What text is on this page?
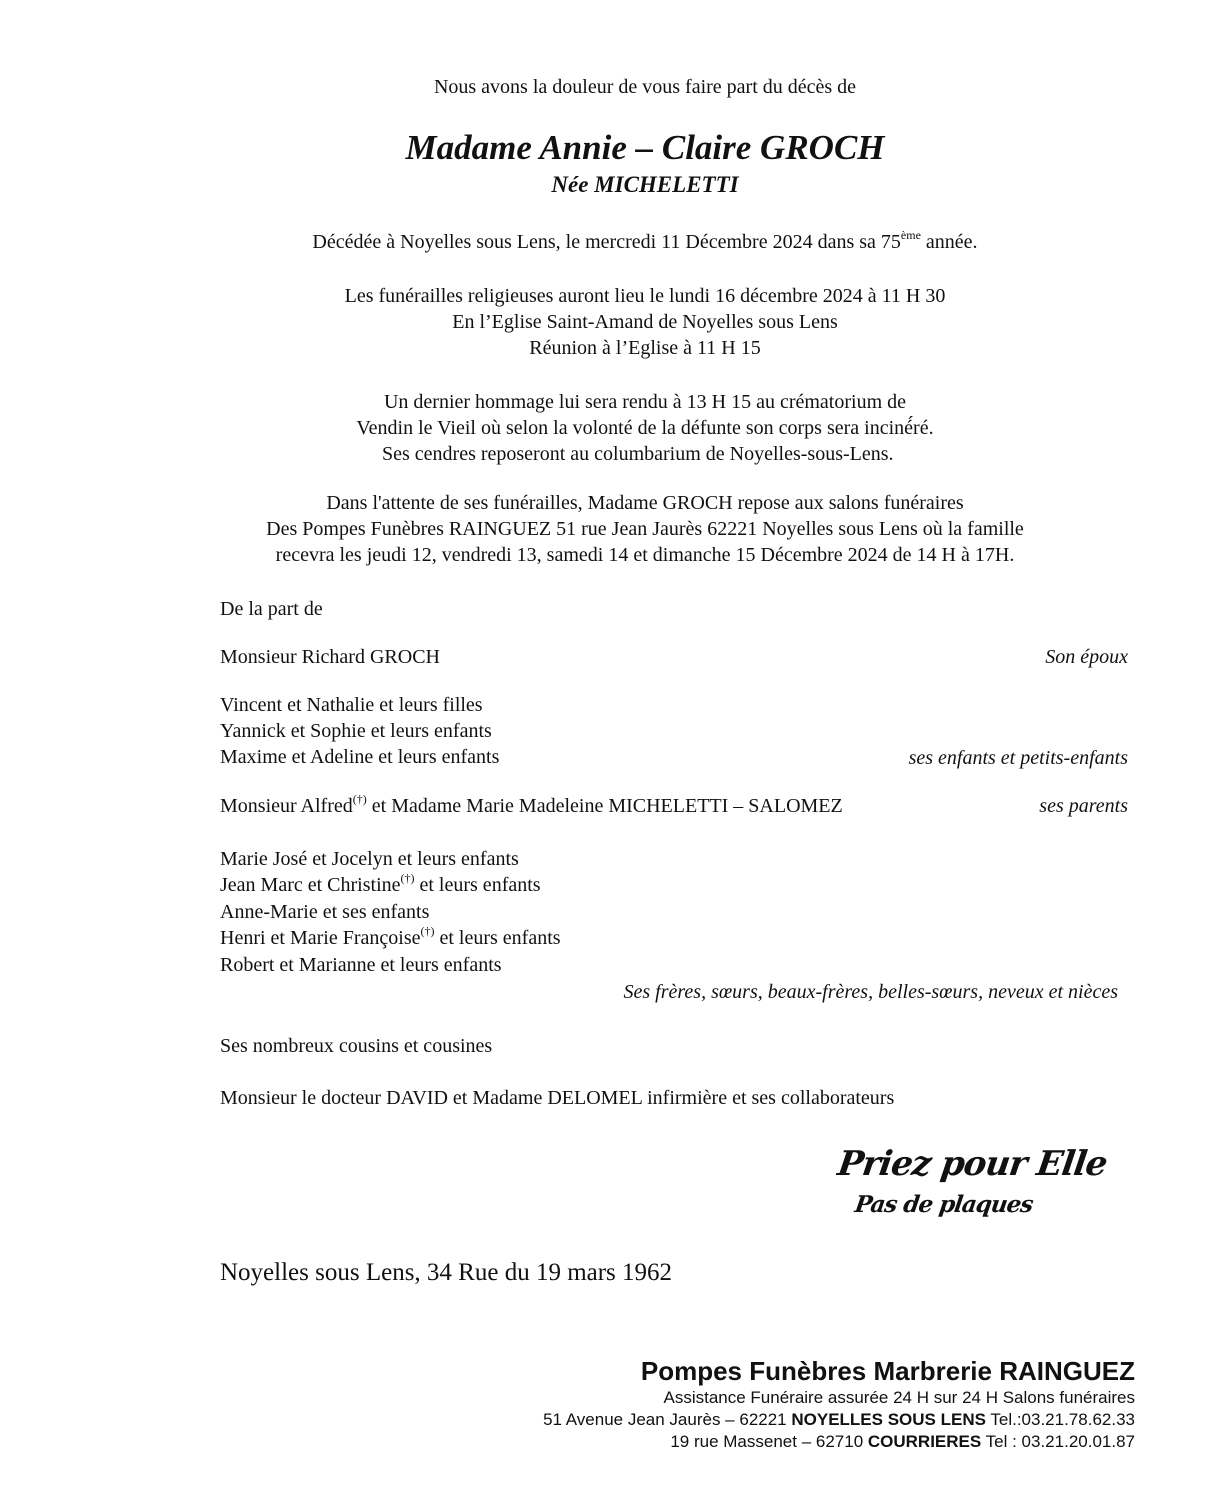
Nous avons la douleur de vous faire part du décès de
Madame Annie – Claire GROCH
Née MICHELETTI
Décédée à Noyelles sous Lens, le mercredi 11 Décembre 2024 dans sa 75ème année.
Les funérailles religieuses auront lieu le lundi 16 décembre 2024 à 11 H 30
En l’Eglise Saint-Amand de Noyelles sous Lens
Réunion à l’Eglise à 11 H 15
Un dernier hommage lui sera rendu à 13 H 15 au crématorium de
Vendin le Vieil où selon la volonté de la défunte son corps sera inciné́ré.
Ses cendres reposeront au columbarium de Noyelles-sous-Lens.
Dans l'attente de ses funérailles, Madame GROCH repose aux salons funéraires
Des Pompes Funèbres RAINGUEZ 51 rue Jean Jaurès 62221 Noyelles sous Lens où la famille
recevra les jeudi 12, vendredi 13, samedi 14 et dimanche 15 Décembre 2024 de 14 H à 17H.
De la part de
Monsieur Richard GROCH	Son époux
Vincent et Nathalie et leurs filles
Yannick et Sophie et leurs enfants
Maxime et Adeline et leurs enfants	ses enfants et petits-enfants
Monsieur Alfred(†) et Madame Marie Madeleine MICHELETTI – SALOMEZ	ses parents
Marie José et Jocelyn et leurs enfants
Jean Marc et Christine(†) et leurs enfants
Anne-Marie et ses enfants
Henri et Marie Françoise(†) et leurs enfants
Robert et Marianne et leurs enfants
Ses frères, sœurs, beaux-frères, belles-sœurs, neveux et nièces
Ses nombreux cousins et cousines
Monsieur le docteur DAVID et Madame DELOMEL infirmière et ses collaborateurs
Priez pour Elle
Pas de plaques
Noyelles sous Lens, 34 Rue du 19 mars 1962
Pompes Funèbres Marbrerie RAINGUEZ
Assistance Funéraire assurée 24 H sur 24 H Salons funéraires
51 Avenue Jean Jaurès – 62221 NOYELLES SOUS LENS Tel.:03.21.78.62.33
19 rue Massenet – 62710 COURRIERES Tel : 03.21.20.01.87
